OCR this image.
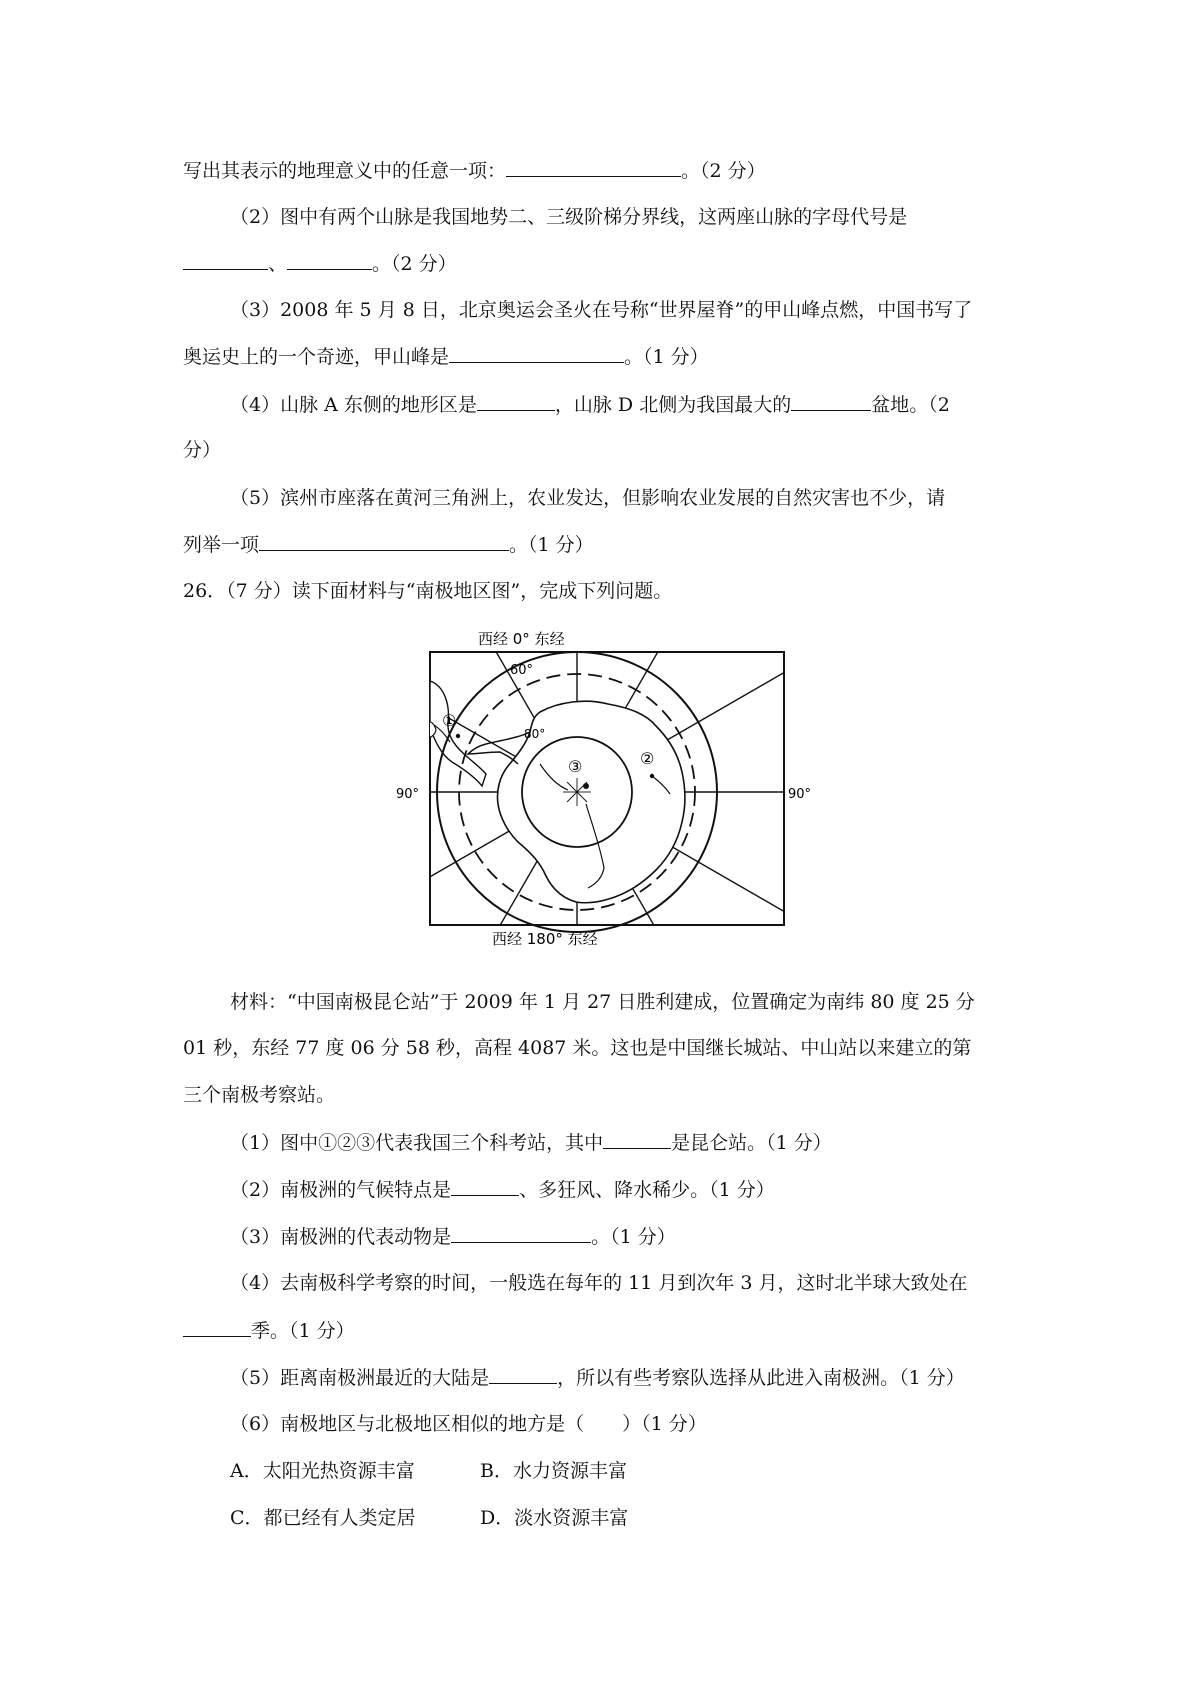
写出其表示的地理意义中的任意一项：	。（2 分）
（2）图中有两个山脉是我国地势二、三级阶梯分界线，这两座山脉的字母代号是
、	。（2 分）
（3）2008 年 5 月 8 日，北京奥运会圣火在号称“世界屋脊”的甲山峰点燃，中国书写了
奥运史上的一个奇迹，甲山峰是	。（1 分）
（4）山脉 A 东侧的地形区是	，山脉 D 北侧为我国最大的	盆地。（2
分）
（5）滨州市座落在黄河三角洲上，农业发达，但影响农业发展的自然灾害也不少，请
列举一项	。（1 分）
26．（7 分）读下面材料与“南极地区图”，完成下列问题。
西经 0° 东经
西经 180° 东经
90°	90°
60°
80°
①
②
③
材料：“中国南极昆仑站”于 2009 年 1 月 27 日胜利建成，位置确定为南纬 80 度 25 分
01 秒，东经 77 度 06 分 58 秒，高程 4087 米。这也是中国继长城站、中山站以来建立的第
三个南极考察站。
（1）图中①②③代表我国三个科考站，其中	是昆仑站。（1 分）
（2）南极洲的气候特点是	、多狂风、降水稀少。（1 分）
（3）南极洲的代表动物是	。（1 分）
（4）去南极科学考察的时间，一般选在每年的 11 月到次年 3 月，这时北半球大致处在
季。（1 分）
（5）距离南极洲最近的大陆是	，所以有些考察队选择从此进入南极洲。（1 分）
（6）南极地区与北极地区相似的地方是（　　）（1 分）
A．太阳光热资源丰富	B．水力资源丰富
C．都已经有人类定居	D．淡水资源丰富
